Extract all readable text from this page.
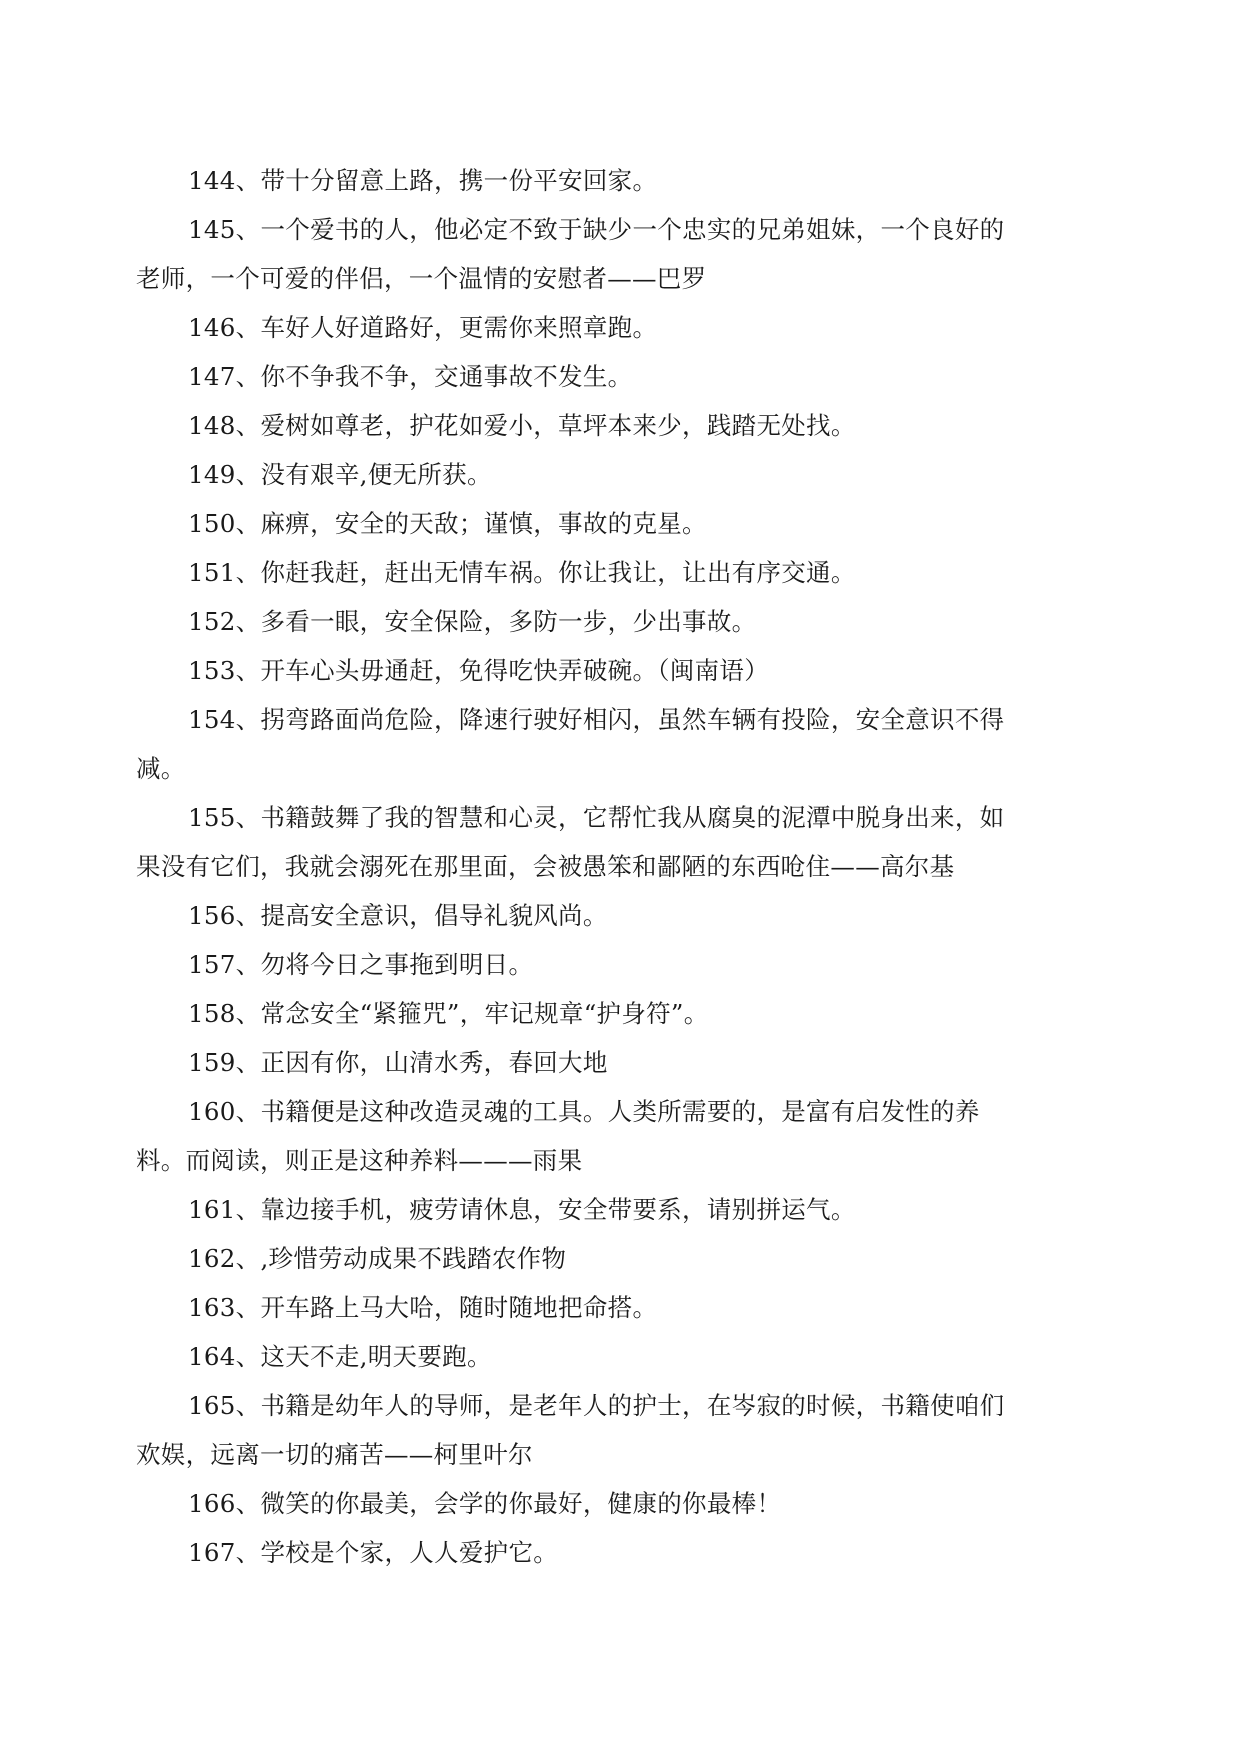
144、带十分留意上路，携一份平安回家。

145、一个爱书的人，他必定不致于缺少一个忠实的兄弟姐妹，一个良好的
老师，一个可爱的伴侣，一个温情的安慰者——巴罗

146、车好人好道路好，更需你来照章跑。

147、你不争我不争，交通事故不发生。

148、爱树如尊老，护花如爱小，草坪本来少，践踏无处找。

149、没有艰辛,便无所获。

150、麻痹，安全的天敌；谨慎，事故的克星。

151、你赶我赶，赶出无情车祸。你让我让，让出有序交通。

152、多看一眼，安全保险，多防一步，少出事故。

153、开车心头毋通赶，免得吃快弄破碗。（闽南语）

154、拐弯路面尚危险，降速行驶好相闪，虽然车辆有投险，安全意识不得
减。

155、书籍鼓舞了我的智慧和心灵，它帮忙我从腐臭的泥潭中脱身出来，如
果没有它们，我就会溺死在那里面，会被愚笨和鄙陋的东西呛住——高尔基

156、提高安全意识，倡导礼貌风尚。

157、勿将今日之事拖到明日。

158、常念安全“紧箍咒”，牢记规章“护身符”。

159、正因有你，山清水秀，春回大地

160、书籍便是这种改造灵魂的工具。人类所需要的，是富有启发性的养
料。而阅读，则正是这种养料———雨果

161、靠边接手机，疲劳请休息，安全带要系，请别拼运气。

162、,珍惜劳动成果不践踏农作物

163、开车路上马大哈，随时随地把命搭。

164、这天不走,明天要跑。

165、书籍是幼年人的导师，是老年人的护士，在岑寂的时候，书籍使咱们
欢娱，远离一切的痛苦——柯里叶尔

166、微笑的你最美，会学的你最好，健康的你最棒！

167、学校是个家，人人爱护它。
